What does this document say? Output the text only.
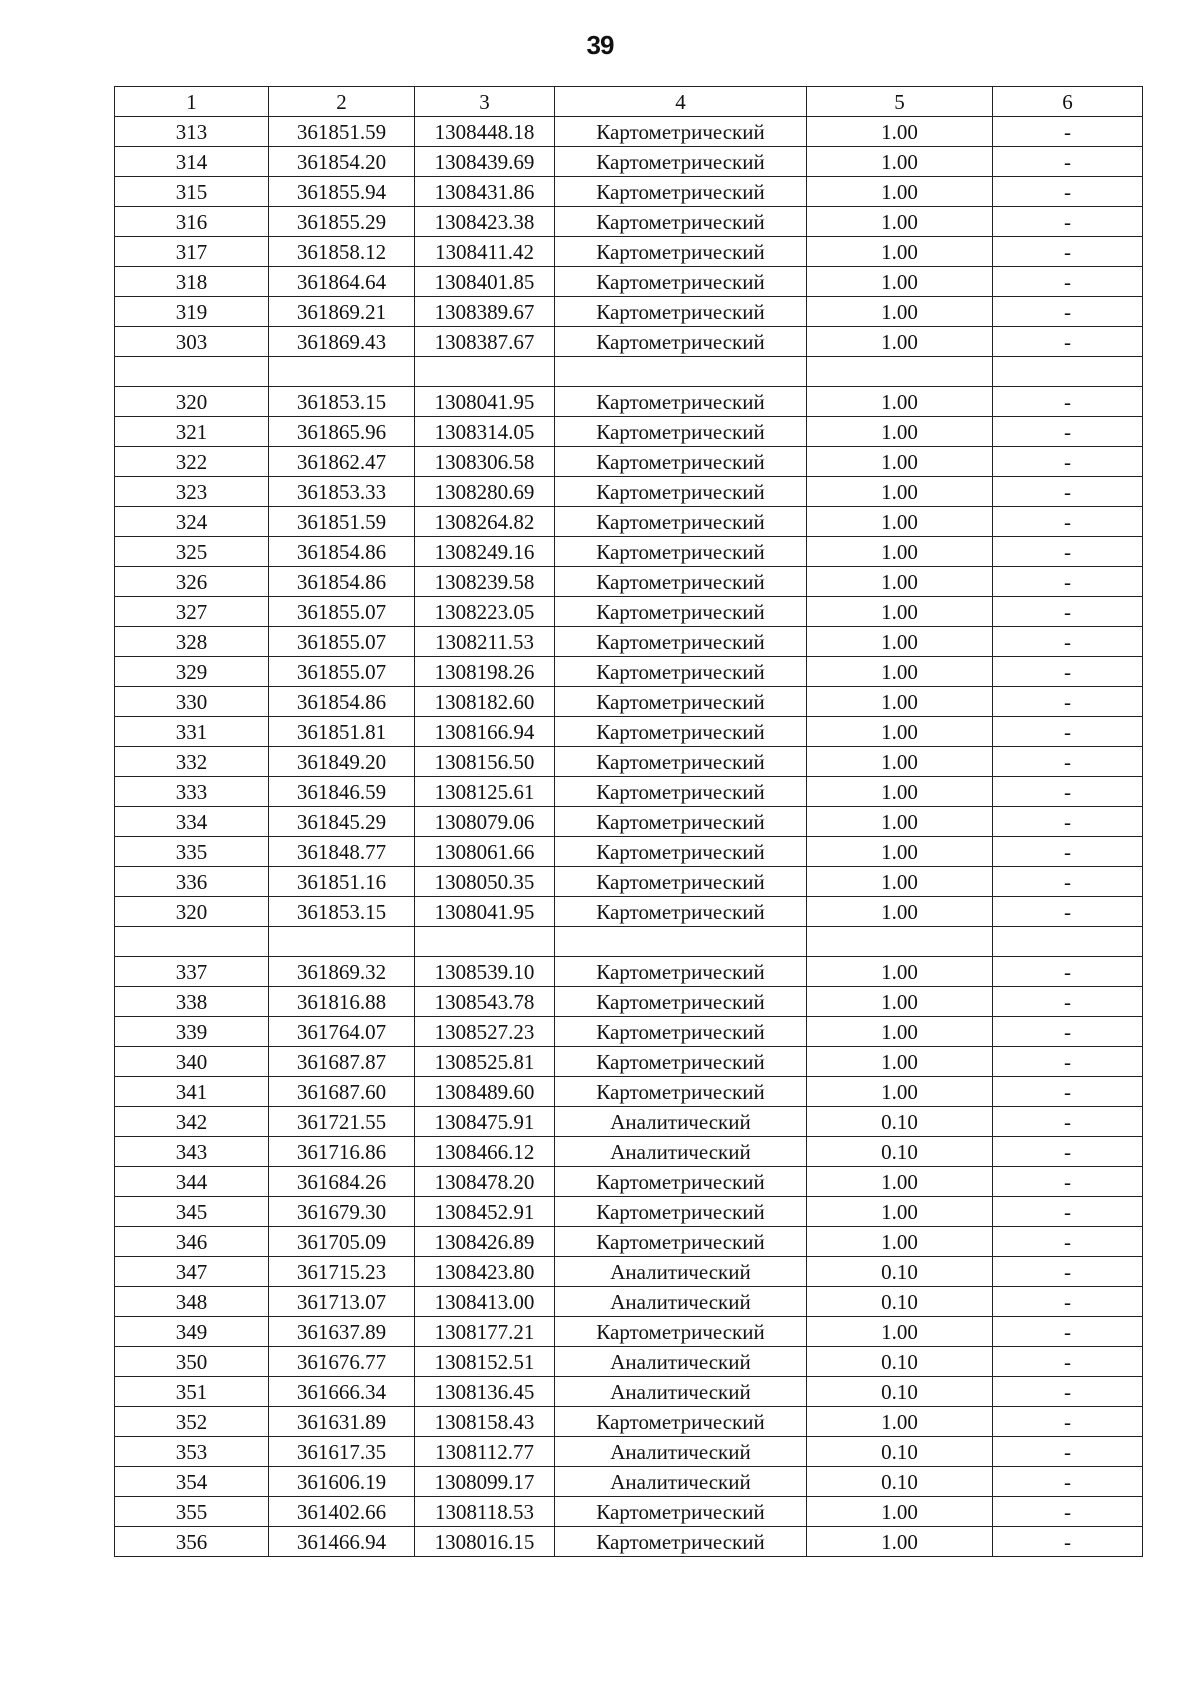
39
1	2	3	4	5	6
313	361851.59	1308448.18	Картометрический	1.00	-
314	361854.20	1308439.69	Картометрический	1.00	-
315	361855.94	1308431.86	Картометрический	1.00	-
316	361855.29	1308423.38	Картометрический	1.00	-
317	361858.12	1308411.42	Картометрический	1.00	-
318	361864.64	1308401.85	Картометрический	1.00	-
319	361869.21	1308389.67	Картометрический	1.00	-
303	361869.43	1308387.67	Картометрический	1.00	-

320	361853.15	1308041.95	Картометрический	1.00	-
321	361865.96	1308314.05	Картометрический	1.00	-
322	361862.47	1308306.58	Картометрический	1.00	-
323	361853.33	1308280.69	Картометрический	1.00	-
324	361851.59	1308264.82	Картометрический	1.00	-
325	361854.86	1308249.16	Картометрический	1.00	-
326	361854.86	1308239.58	Картометрический	1.00	-
327	361855.07	1308223.05	Картометрический	1.00	-
328	361855.07	1308211.53	Картометрический	1.00	-
329	361855.07	1308198.26	Картометрический	1.00	-
330	361854.86	1308182.60	Картометрический	1.00	-
331	361851.81	1308166.94	Картометрический	1.00	-
332	361849.20	1308156.50	Картометрический	1.00	-
333	361846.59	1308125.61	Картометрический	1.00	-
334	361845.29	1308079.06	Картометрический	1.00	-
335	361848.77	1308061.66	Картометрический	1.00	-
336	361851.16	1308050.35	Картометрический	1.00	-
320	361853.15	1308041.95	Картометрический	1.00	-

337	361869.32	1308539.10	Картометрический	1.00	-
338	361816.88	1308543.78	Картометрический	1.00	-
339	361764.07	1308527.23	Картометрический	1.00	-
340	361687.87	1308525.81	Картометрический	1.00	-
341	361687.60	1308489.60	Картометрический	1.00	-
342	361721.55	1308475.91	Аналитический	0.10	-
343	361716.86	1308466.12	Аналитический	0.10	-
344	361684.26	1308478.20	Картометрический	1.00	-
345	361679.30	1308452.91	Картометрический	1.00	-
346	361705.09	1308426.89	Картометрический	1.00	-
347	361715.23	1308423.80	Аналитический	0.10	-
348	361713.07	1308413.00	Аналитический	0.10	-
349	361637.89	1308177.21	Картометрический	1.00	-
350	361676.77	1308152.51	Аналитический	0.10	-
351	361666.34	1308136.45	Аналитический	0.10	-
352	361631.89	1308158.43	Картометрический	1.00	-
353	361617.35	1308112.77	Аналитический	0.10	-
354	361606.19	1308099.17	Аналитический	0.10	-
355	361402.66	1308118.53	Картометрический	1.00	-
356	361466.94	1308016.15	Картометрический	1.00	-
